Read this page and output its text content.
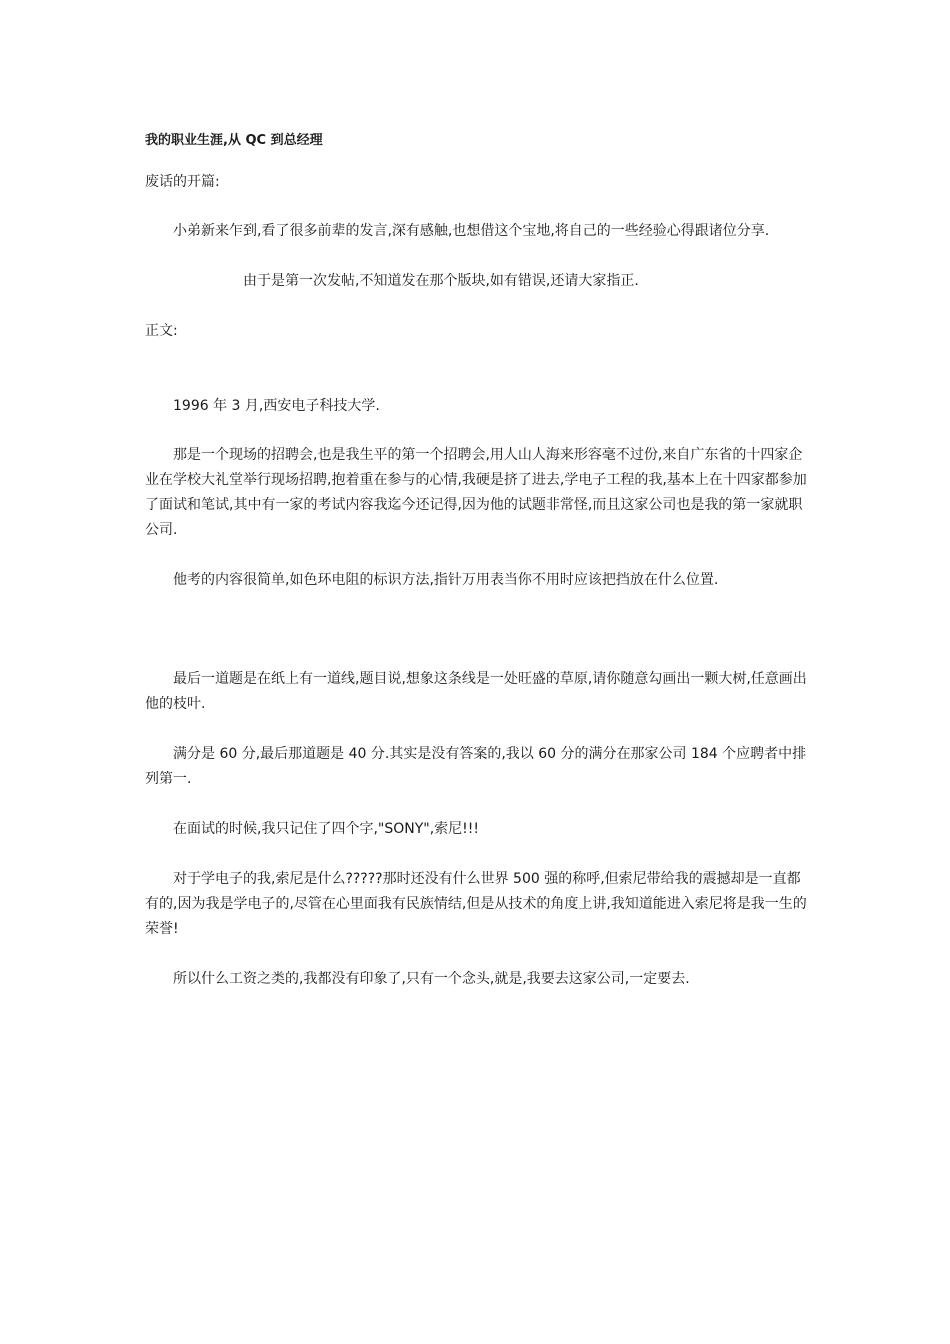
我的职业生涯,从 QC 到总经理

废话的开篇:

　　小弟新来乍到,看了很多前辈的发言,深有感触,也想借这个宝地,将自己的一些经验心得跟诸位分享.

　　　　　　　由于是第一次发帖,不知道发在那个版块,如有错误,还请大家指正.

正文:

　　1996 年 3 月,西安电子科技大学.

　　那是一个现场的招聘会,也是我生平的第一个招聘会,用人山人海来形容毫不过份,来自广东省的十四家企业在学校大礼堂举行现场招聘,抱着重在参与的心情,我硬是挤了进去,学电子工程的我,基本上在十四家都参加了面试和笔试,其中有一家的考试内容我迄今还记得,因为他的试题非常怪,而且这家公司也是我的第一家就职公司.

　　他考的内容很简单,如色环电阻的标识方法,指针万用表当你不用时应该把挡放在什么位置.

　　最后一道题是在纸上有一道线,题目说,想象这条线是一处旺盛的草原,请你随意勾画出一颗大树,任意画出他的枝叶.

　　满分是 60 分,最后那道题是 40 分.其实是没有答案的,我以 60 分的满分在那家公司 184 个应聘者中排列第一.

　　在面试的时候,我只记住了四个字,"SONY",索尼!!!

　　对于学电子的我,索尼是什么?????那时还没有什么世界 500 强的称呼,但索尼带给我的震撼却是一直都有的,因为我是学电子的,尽管在心里面我有民族情结,但是从技术的角度上讲,我知道能进入索尼将是我一生的荣誉!

　　所以什么工资之类的,我都没有印象了,只有一个念头,就是,我要去这家公司,一定要去.
